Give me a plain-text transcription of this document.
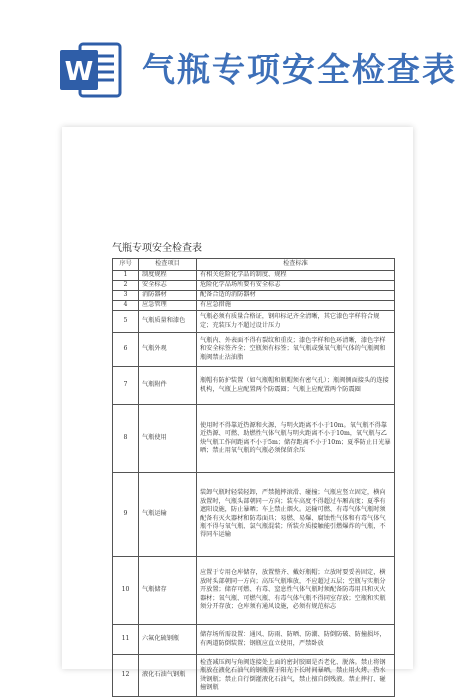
W 气瓶专项安全检查表
气瓶专项安全检查表
序号	检查项目	检查标准
1	制度规程	有相关危险化学品的制度、规程
2	安全标志	危险化学品场所要有安全标志
3	消防器材	配备合适的消防器材
4	应急管理	有应急措施
5	气瓶质量和漆色	气瓶必须有质量合格证，钢印标记齐全清晰，其它漆色字样符合规定；充装压力不超过设计压力
6	气瓶外观	气瓶内、外表面不得有裂纹和重皮；漆色字样和色环清晰，漆色字样和安全标签齐全；空瓶须有标签；氧气瓶或强氧气瓶气体的气瓶阀和瓶阀禁止沾油脂
7	气瓶附件	瓶帽有防护装置（如气瓶帽和瓶帽须有密气孔）；瓶阀侧面接头的连接机构，气瓶上应配置两个防震圈；气瓶上应配置两个防震圈
8	气瓶使用	使用时不得靠近热源和火源，与明火距离不小于10m。氧气瓶不得靠近热源、可燃、助燃性气体气瓶与明火距离不小于10m，氧气瓶与乙炔气瓶工作间距离不小于5m；储存距离不小于10m；夏季防止日光暴晒；禁止用氧气瓶的气瓶必须保留余压
9	气瓶运输	装卸气瓶时轻装轻卸，严禁抛摔滚滑、碰撞；气瓶应竖立固定，横向放置时，气瓶头部朝同一方向；装车高度不得超过车厢高度；夏季有遮阳设施，防止暴晒；车上禁止烟火。运输可燃、有毒气体气瓶时须配备有灭火器材和防毒面具；易燃、易爆、腐蚀性气体和有毒气体气瓶不得与氧气瓶、氯气瓶混装；所装介质接触能引燃爆炸的气瓶，不得同车运输
10	气瓶储存	应置于专用仓库储存，放置整齐、戴好瓶帽；立放时要妥善固定，横放时头部朝同一方向；高压气瓶堆放，不应超过五层；空瓶与实瓶分开放置；储存可燃、有毒、窒息性气体气瓶时须配备防毒用具和灭火器材；氧气瓶、可燃气瓶、有毒气体气瓶不得同室存放；空瓶和实瓶须分开存放；仓库须有通风设施，必须有规范标志
11	六氟化硫钢瓶	储存场所需设置：通风、防雨、防晒、防潮、防倒防破、防撞损坏，有两道防倒装置；钢瓶应直立使用，严禁卧放
12	液化石油气钢瓶	检查减压阀与角阀连接处上面的密封胶圈是否老化、脱落。禁止将钢瓶放在液化石油气的钢瓶置于阳光下长时间暴晒，禁止用火烤、热水烫钢瓶；禁止自行倒灌液化石油气，禁止擅自倒残液。禁止摔打、碰撞钢瓶
